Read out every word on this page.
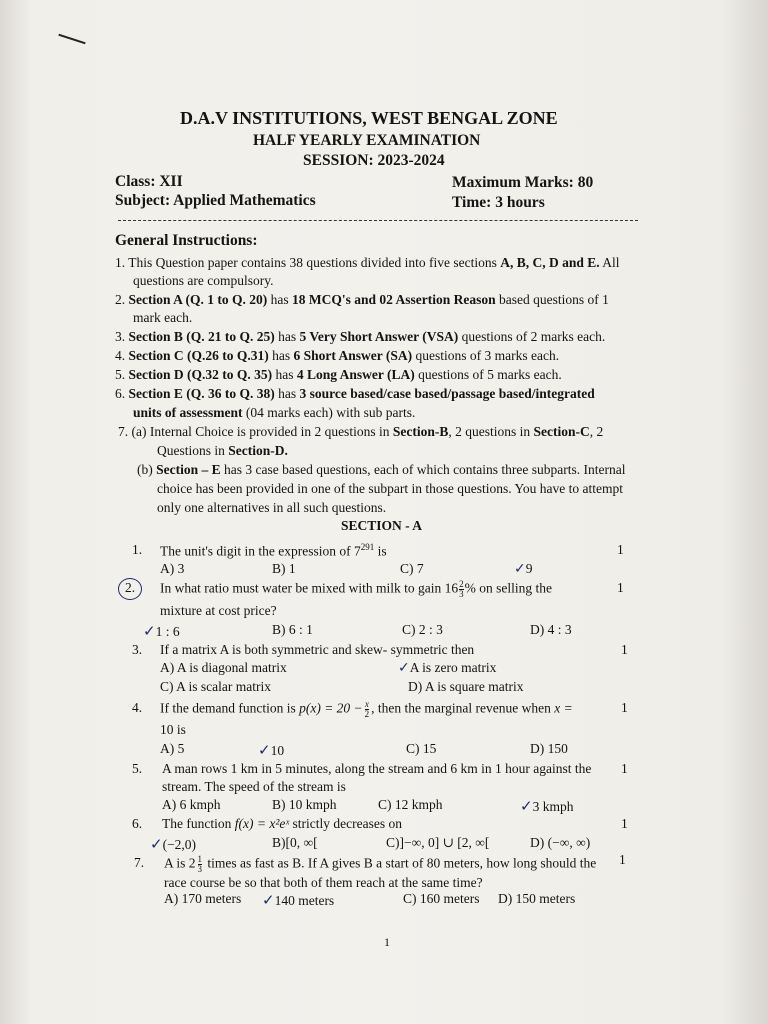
D.A.V INSTITUTIONS, WEST BENGAL ZONE
HALF YEARLY EXAMINATION
SESSION: 2023-2024
Class: XII	Maximum Marks: 80
Subject: Applied Mathematics	Time: 3 hours
General Instructions:
1. This Question paper contains 38 questions divided into five sections A, B, C, D and E. All
questions are compulsory.
2. Section A (Q. 1 to Q. 20) has 18 MCQ's and 02 Assertion Reason based questions of 1
mark each.
3. Section B (Q. 21 to Q. 25) has 5 Very Short Answer (VSA) questions of 2 marks each.
4. Section C (Q.26 to Q.31) has 6 Short Answer (SA) questions of 3 marks each.
5. Section D (Q.32 to Q. 35) has 4 Long Answer (LA) questions of 5 marks each.
6. Section E (Q. 36 to Q. 38) has 3 source based/case based/passage based/integrated
units of assessment (04 marks each) with sub parts.
7. (a) Internal Choice is provided in 2 questions in Section-B, 2 questions in Section-C, 2
Questions in Section-D.
(b) Section – E has 3 case based questions, each of which contains three subparts. Internal
choice has been provided in one of the subpart in those questions. You have to attempt
only one alternatives in all such questions.
SECTION - A
1. The unit's digit in the expression of $7^{291}$ is	1
A) 3	B) 1	C) 7	✓9
2. In what ratio must water be mixed with milk to gain $16 \frac{2}{3}$ % on selling the	1
mixture at cost price?
✓1 : 6	B) 6 : 1	C) 2 : 3	D) 4 : 3
3. If a matrix A is both symmetric and skew- symmetric then	1
A) A is diagonal matrix	✓A is zero matrix
C) A is scalar matrix	D) A is square matrix
4. If the demand function is $p(x) = 20 - \frac{x}{2}$ , then the marginal revenue when x =	1
10 is
A) 5	✓10	C) 15	D) 150
5. A man rows 1 km in 5 minutes, along the stream and 6 km in 1 hour against the 1
stream. The speed of the stream is
A) 6 kmph	B) 10 kmph	C) 12 kmph	✓3 kmph
6. The function f(x) = x²eˣ strictly decreases on	1
✓(−2,0)	B)[0, ∞[	C)]−∞, 0] ∪ [2, ∞[	D) (−∞, ∞)
7. A is $2 \frac{1}{3}$ times as fast as B. If A gives B a start of 80 meters, how long should the 1
race course be so that both of them reach at the same time?
A) 170 meters ✓140 meters	C) 160 meters D) 150 meters
1
